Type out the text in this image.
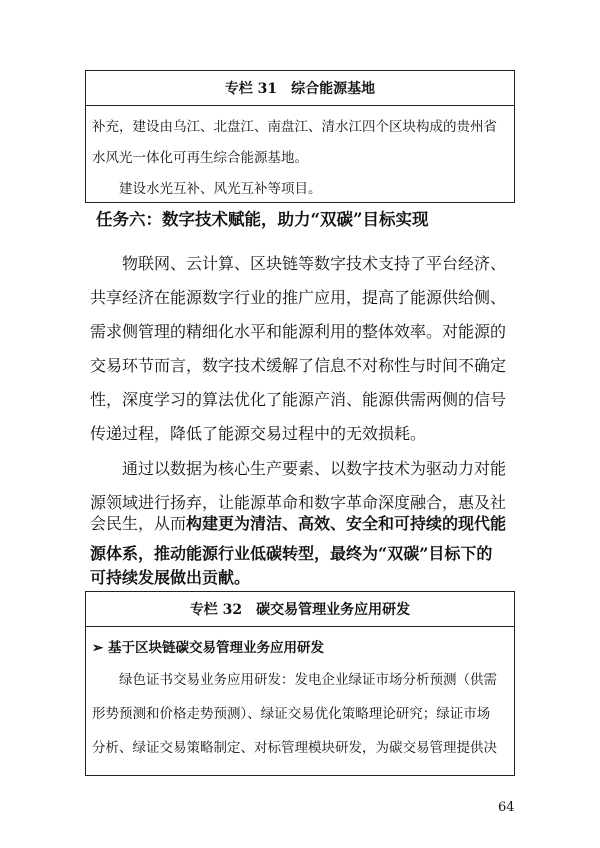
专栏 31　综合能源基地
补充，建设由乌江、北盘江、南盘江、清水江四个区块构成的贵州省
水风光一体化可再生综合能源基地。
建设水光互补、风光互补等项目。
任务六：数字技术赋能，助力“双碳”目标实现
物联网、云计算、区块链等数字技术支持了平台经济、
共享经济在能源数字行业的推广应用，提高了能源供给侧、
需求侧管理的精细化水平和能源利用的整体效率。对能源的
交易环节而言，数字技术缓解了信息不对称性与时间不确定
性，深度学习的算法优化了能源产消、能源供需两侧的信号
传递过程，降低了能源交易过程中的无效损耗。
通过以数据为核心生产要素、以数字技术为驱动力对能
源领域进行扬弃，让能源革命和数字革命深度融合，惠及社
会民生，从而构建更为清洁、高效、安全和可持续的现代能
源体系，推动能源行业低碳转型，最终为“双碳”目标下的
专栏 32　碳交易管理业务应用研发
➢ 基于区块链碳交易管理业务应用研发
绿色证书交易业务应用研发：发电企业绿证市场分析预测（供需
形势预测和价格走势预测）、绿证交易优化策略理论研究；绿证市场
分析、绿证交易策略制定、对标管理模块研发，为碳交易管理提供决
64
可持续发展做出贡献。
